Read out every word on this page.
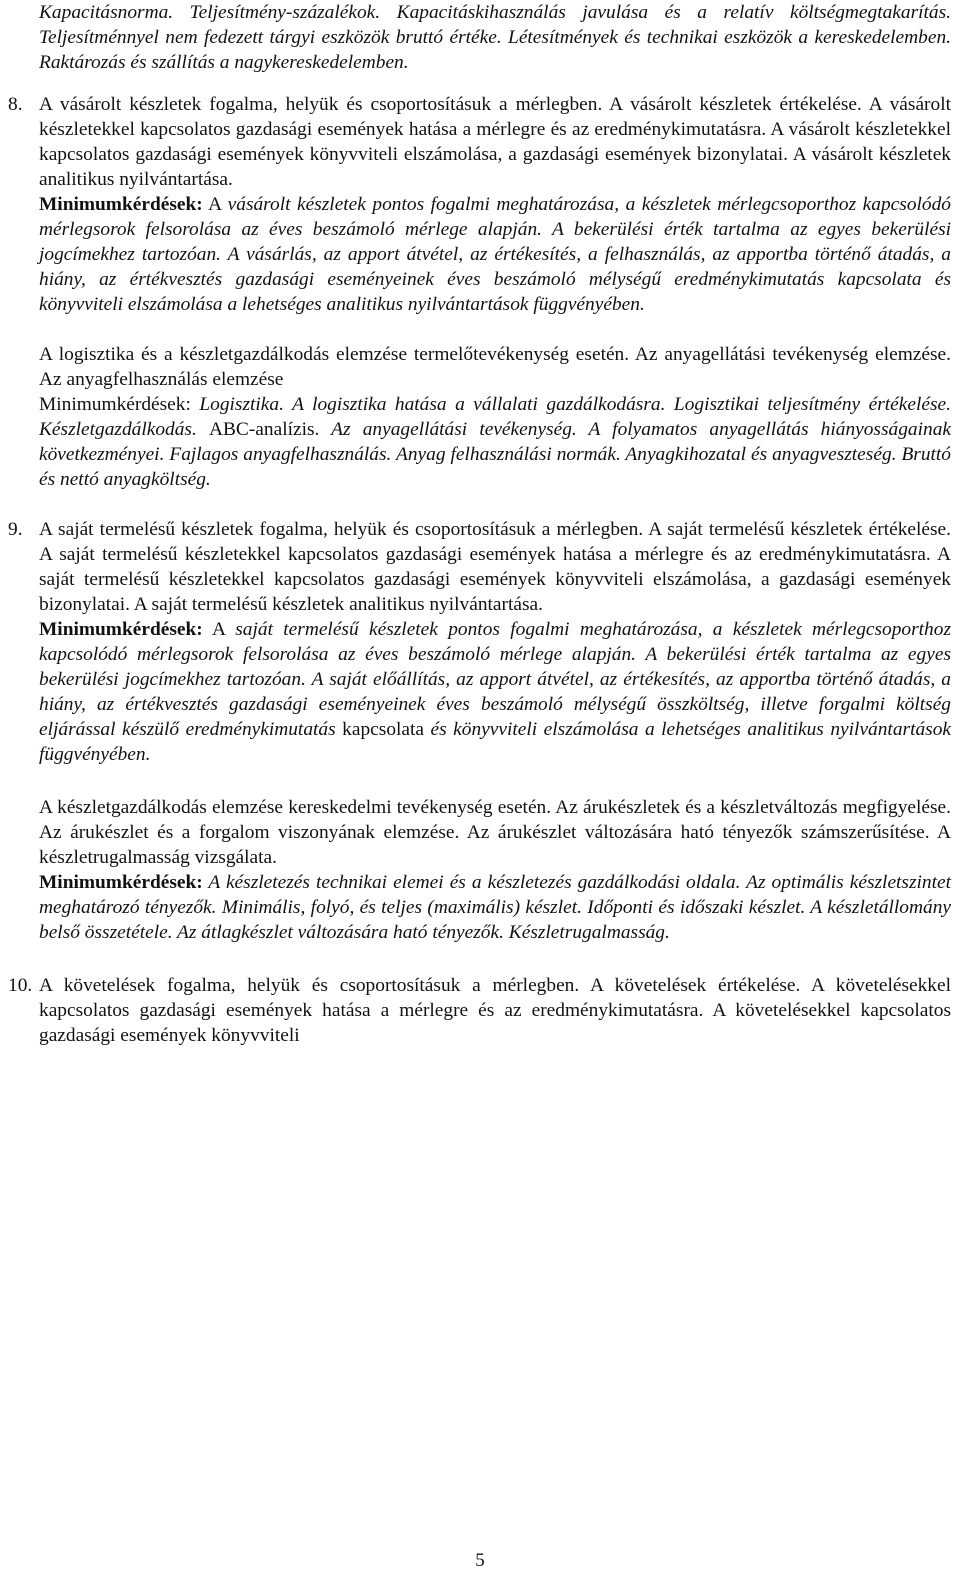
Kapacitásnorma. Teljesítmény-százalékok. Kapacitáskihasználás javulása és a relatív költségmegtakarítás. Teljesítménnyel nem fedezett tárgyi eszközök bruttó értéke. Létesítmények és technikai eszközök a kereskedelemben. Raktározás és szállítás a nagykereskedelemben.

8. A vásárolt készletek fogalma, helyük és csoportosításuk a mérlegben. A vásárolt készletek értékelése. A vásárolt készletekkel kapcsolatos gazdasági események hatása a mérlegre és az eredménykimutatásra. A vásárolt készletekkel kapcsolatos gazdasági események könyvviteli elszámolása, a gazdasági események bizonylatai. A vásárolt készletek analitikus nyilvántartása.

Minimumkérdések: A vásárolt készletek pontos fogalmi meghatározása, a készletek mérlegcsoporthoz kapcsolódó mérlegsorok felsorolása az éves beszámoló mérlege alapján. A bekerülési érték tartalma az egyes bekerülési jogcímekhez tartozóan. A vásárlás, az apport átvétel, az értékesítés, a felhasználás, az apportba történő átadás, a hiány, az értékvesztés gazdasági eseményeinek éves beszámoló mélységű eredménykimutatás kapcsolata és könyvviteli elszámolása a lehetséges analitikus nyilvántartások függvényében.

A logisztika és a készletgazdálkodás elemzése termelőtevékenység esetén. Az anyagellátási tevékenység elemzése. Az anyagfelhasználás elemzése

Minimumkérdések: Logisztika. A logisztika hatása a vállalati gazdálkodásra. Logisztikai teljesítmény értékelése. Készletgazdálkodás. ABC-analízis. Az anyagellátási tevékenység. A folyamatos anyagellátás hiányosságainak következményei. Fajlagos anyagfelhasználás. Anyag felhasználási normák. Anyagkihozatal és anyagveszteség. Bruttó és nettó anyagköltség.

9. A saját termelésű készletek fogalma, helyük és csoportosításuk a mérlegben. A saját termelésű készletek értékelése. A saját termelésű készletekkel kapcsolatos gazdasági események hatása a mérlegre és az eredménykimutatásra. A saját termelésű készletekkel kapcsolatos gazdasági események könyvviteli elszámolása, a gazdasági események bizonylatai. A saját termelésű készletek analitikus nyilvántartása.

Minimumkérdések: A saját termelésű készletek pontos fogalmi meghatározása, a készletek mérlegcsoporthoz kapcsolódó mérlegsorok felsorolása az éves beszámoló mérlege alapján. A bekerülési érték tartalma az egyes bekerülési jogcímekhez tartozóan. A saját előállítás, az apport átvétel, az értékesítés, az apportba történő átadás, a hiány, az értékvesztés gazdasági eseményeinek éves beszámoló mélységű összköltség, illetve forgalmi költség eljárással készülő eredménykimutatás kapcsolata és könyvviteli elszámolása a lehetséges analitikus nyilvántartások függvényében.

A készletgazdálkodás elemzése kereskedelmi tevékenység esetén. Az árukészletek és a készletváltozás megfigyelése. Az árukészlet és a forgalom viszonyának elemzése. Az árukészlet változására ható tényezők számszerűsítése. A készletrugalmasság vizsgálata.

Minimumkérdések: A készletezés technikai elemei és a készletezés gazdálkodási oldala. Az optimális készletszintet meghatározó tényezők. Minimális, folyó, és teljes (maximális) készlet. Időponti és időszaki készlet. A készletállomány belső összetétele. Az átlagkészlet változására ható tényezők. Készletrugalmasság.

10. A követelések fogalma, helyük és csoportosításuk a mérlegben. A követelések értékelése. A követelésekkel kapcsolatos gazdasági események hatása a mérlegre és az eredménykimutatásra. A követelésekkel kapcsolatos gazdasági események könyvviteli

5
